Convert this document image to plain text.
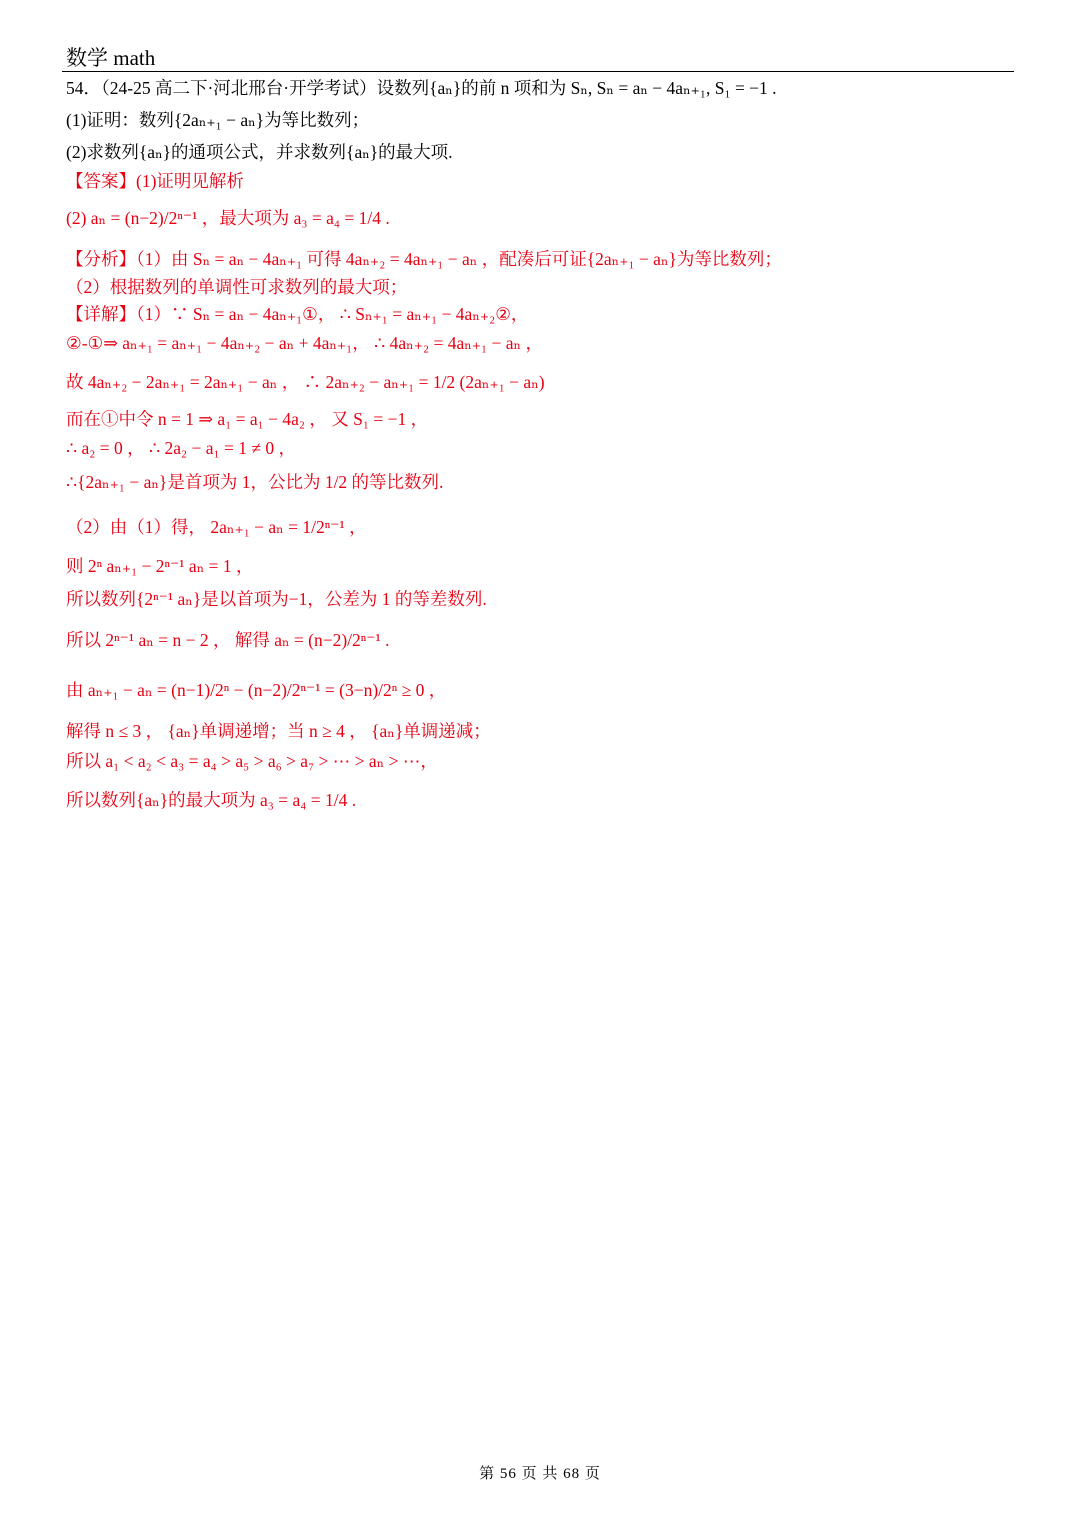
数学 math
54．（24-25 高二下·河北邢台·开学考试）设数列{aₙ}的前 n 项和为 Sₙ, Sₙ = aₙ − 4aₙ₊₁, S₁ = −1 .
(1)证明：数列{2aₙ₊₁ − aₙ}为等比数列；
(2)求数列{aₙ}的通项公式，并求数列{aₙ}的最大项.
【答案】(1)证明见解析
(2) aₙ = (n−2)/2ⁿ⁻¹ ，最大项为 a₃ = a₄ = 1/4 .
【分析】（1）由 Sₙ = aₙ − 4aₙ₊₁ 可得 4aₙ₊₂ = 4aₙ₊₁ − aₙ ，配凑后可证{2aₙ₊₁ − aₙ}为等比数列；
（2）根据数列的单调性可求数列的最大项；
【详解】（1）∵ Sₙ = aₙ − 4aₙ₊₁①， ∴ Sₙ₊₁ = aₙ₊₁ − 4aₙ₊₂②，
②-①⇒ aₙ₊₁ = aₙ₊₁ − 4aₙ₊₂ − aₙ + 4aₙ₊₁， ∴ 4aₙ₊₂ = 4aₙ₊₁ − aₙ ，
故 4aₙ₊₂ − 2aₙ₊₁ = 2aₙ₊₁ − aₙ ， ∴ 2aₙ₊₂ − aₙ₊₁ = 1/2 (2aₙ₊₁ − aₙ)
而在①中令 n = 1 ⇒ a₁ = a₁ − 4a₂ ， 又 S₁ = −1 ，
∴ a₂ = 0 ， ∴ 2a₂ − a₁ = 1 ≠ 0 ，
∴{2aₙ₊₁ − aₙ}是首项为 1，公比为 1/2 的等比数列.
（2）由（1）得， 2aₙ₊₁ − aₙ = 1/2ⁿ⁻¹ ，
则 2ⁿ aₙ₊₁ − 2ⁿ⁻¹ aₙ = 1 ，
所以数列{2ⁿ⁻¹ aₙ}是以首项为−1，公差为 1 的等差数列.
所以 2ⁿ⁻¹ aₙ = n − 2 ， 解得 aₙ = (n−2)/2ⁿ⁻¹ .
由 aₙ₊₁ − aₙ = (n−1)/2ⁿ − (n−2)/2ⁿ⁻¹ = (3−n)/2ⁿ ≥ 0 ，
解得 n ≤ 3 ， {aₙ}单调递增；当 n ≥ 4 ， {aₙ}单调递减；
所以 a₁ < a₂ < a₃ = a₄ > a₅ > a₆ > a₇ > ⋯ > aₙ > ⋯，
所以数列{aₙ}的最大项为 a₃ = a₄ = 1/4 .
第 56 页 共 68 页
